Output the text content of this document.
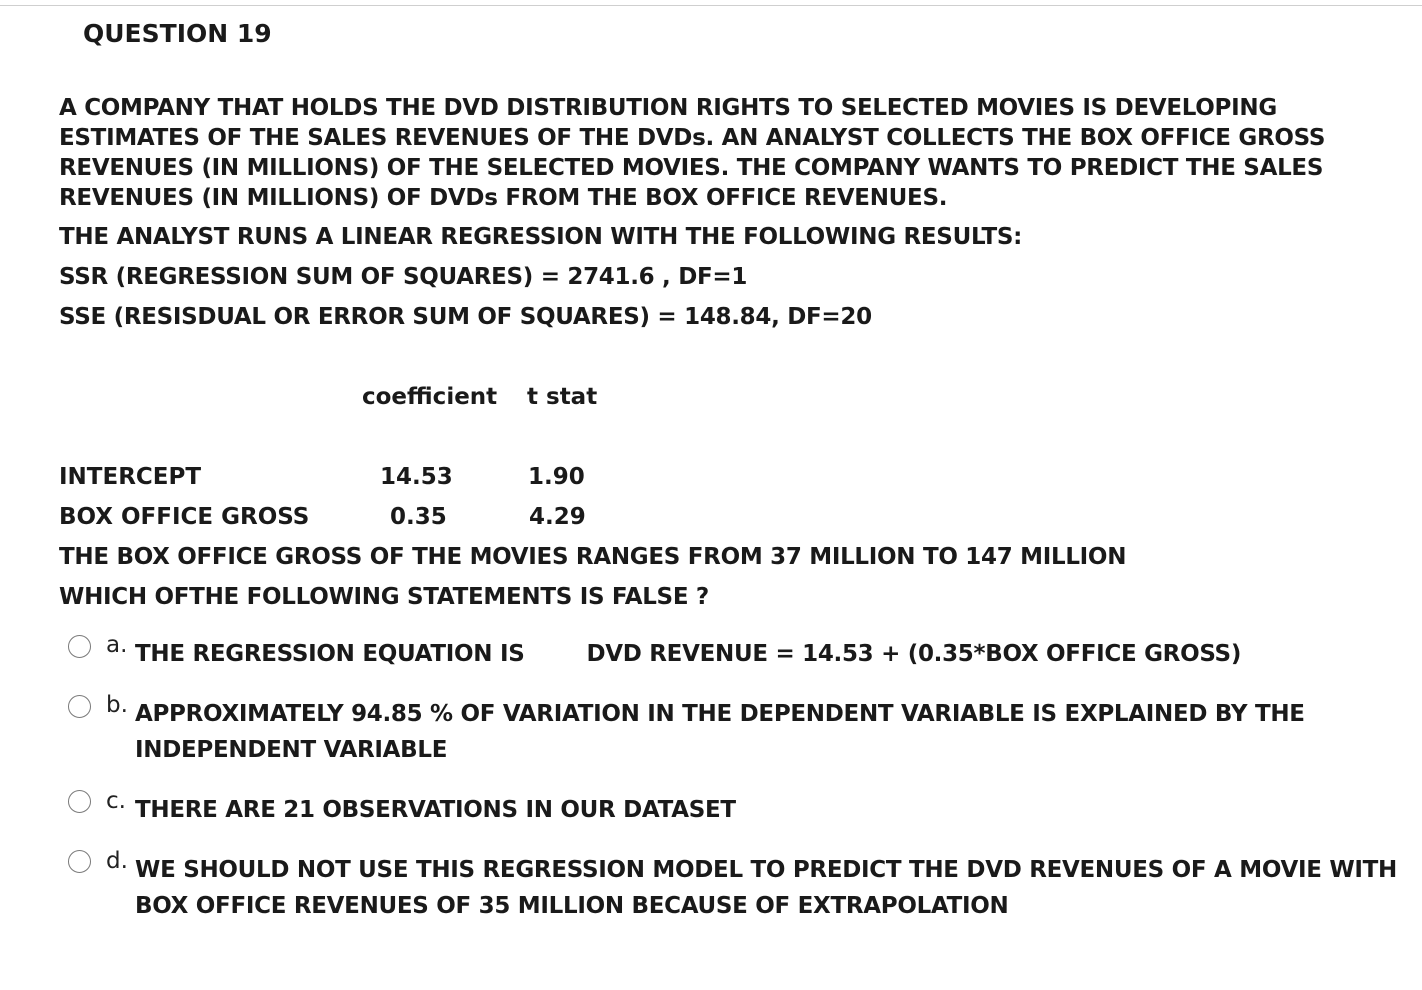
QUESTION 19
A COMPANY THAT HOLDS THE DVD DISTRIBUTION RIGHTS TO SELECTED MOVIES IS DEVELOPING ESTIMATES OF THE SALES REVENUES OF THE DVDs. AN ANALYST COLLECTS THE BOX OFFICE GROSS REVENUES (IN MILLIONS) OF THE SELECTED MOVIES. THE COMPANY WANTS TO PREDICT THE SALES REVENUES (IN MILLIONS) OF DVDs FROM THE BOX OFFICE REVENUES.
THE ANALYST RUNS A LINEAR REGRESSION WITH THE FOLLOWING RESULTS:
SSR (REGRESSION SUM OF SQUARES) = 2741.6 , DF=1
SSE (RESISDUAL OR ERROR SUM OF SQUARES) = 148.84, DF=20
coefficient t stat
INTERCEPT	14.53	1.90
BOX OFFICE GROSS	0.35	4.29
THE BOX OFFICE GROSS OF THE MOVIES RANGES FROM 37 MILLION TO 147 MILLION
WHICH OFTHE FOLLOWING STATEMENTS IS FALSE ?
a. THE REGRESSION EQUATION IS	DVD REVENUE = 14.53 + (0.35*BOX OFFICE GROSS)
b. APPROXIMATELY 94.85 % OF VARIATION IN THE DEPENDENT VARIABLE IS EXPLAINED BY THE INDEPENDENT VARIABLE
c. THERE ARE 21 OBSERVATIONS IN OUR DATASET
d. WE SHOULD NOT USE THIS REGRESSION MODEL TO PREDICT THE DVD REVENUES OF A MOVIE WITH BOX OFFICE REVENUES OF 35 MILLION BECAUSE OF EXTRAPOLATION
